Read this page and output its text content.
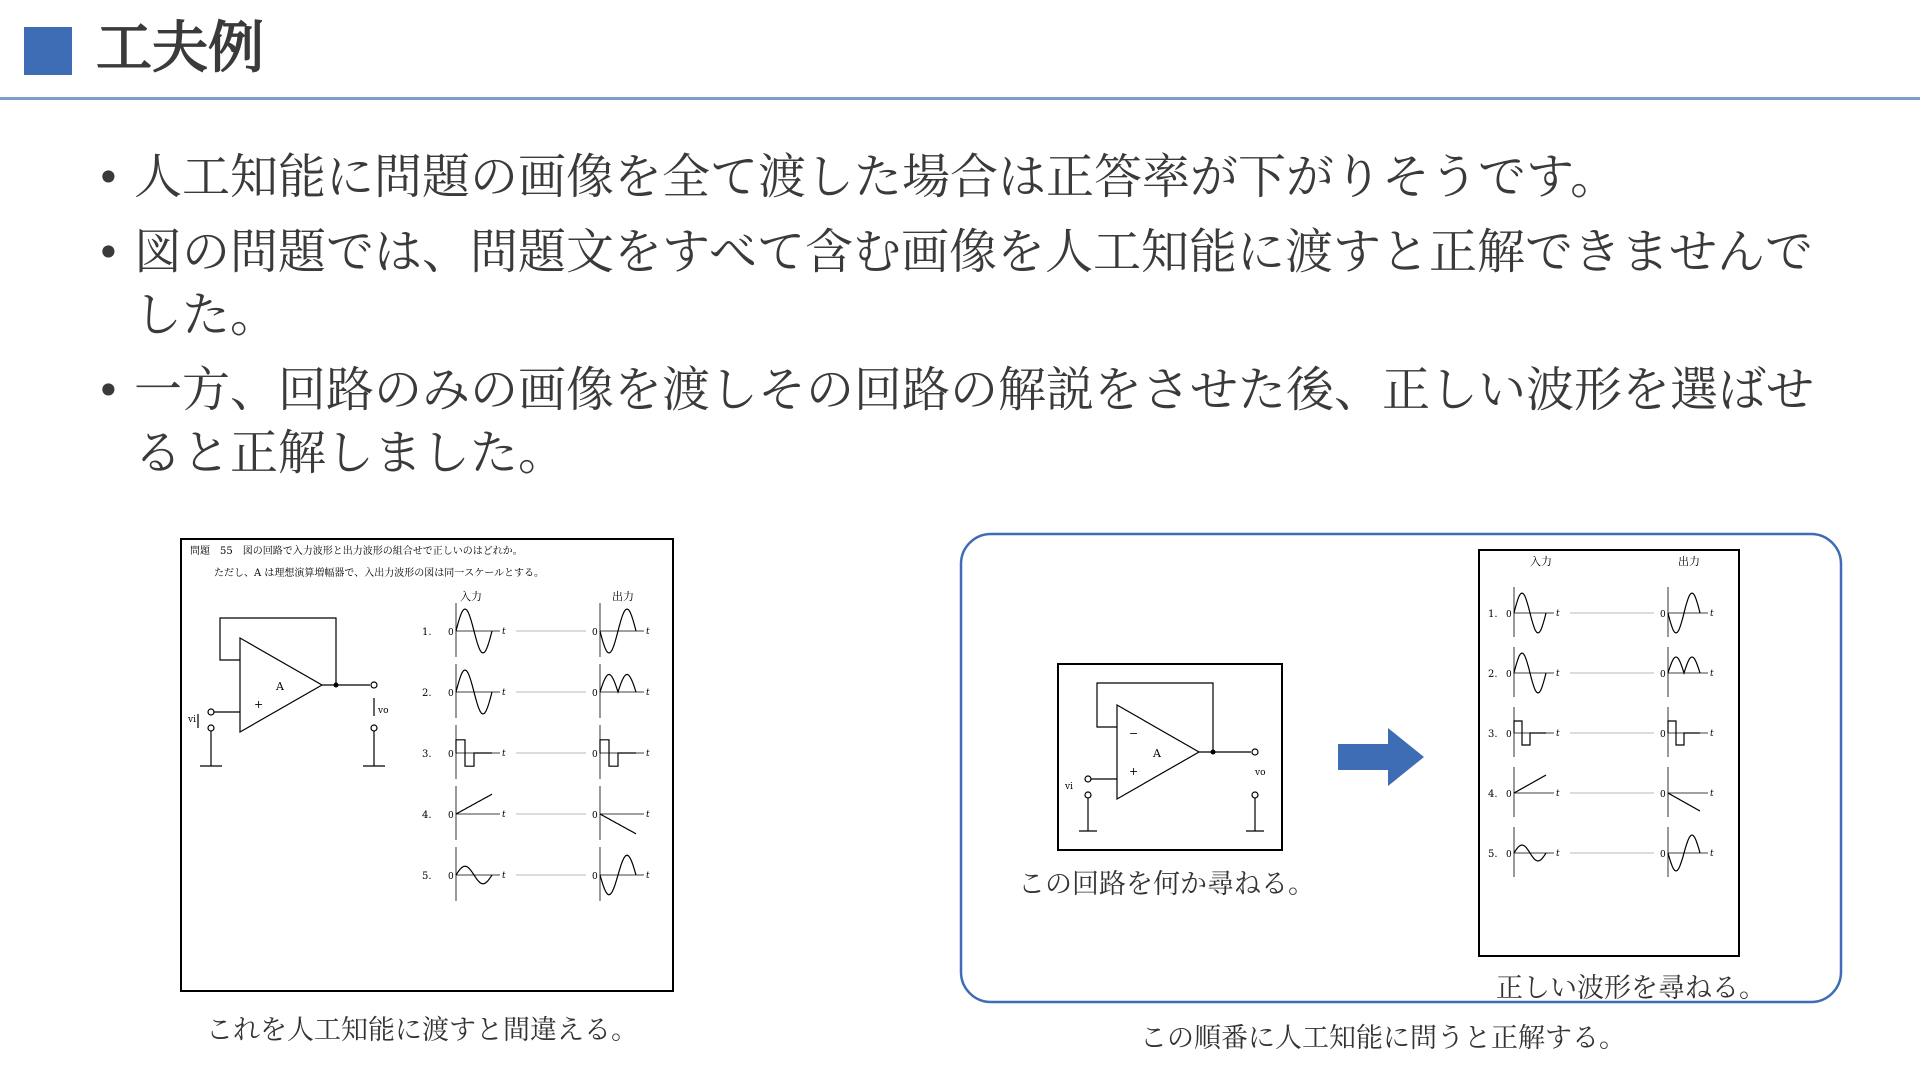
工夫例
• 人工知能に問題の画像を全て渡した場合は正答率が下がりそうです。
• 図の問題では、問題文をすべて含む画像を人工知能に渡すと正解できませんでした。
• 一方、回路のみの画像を渡しその回路の解説をさせた後、正しい波形を選ばせると正解しました。
問題　55　図の回路で入力波形と出力波形の組合せで正しいのはどれか。
ただし、A は理想演算増幅器で、入出力波形の図は同一スケールとする。
入力	出力
A
+
vi
vo
1. 0	t	0	t
2. 0	t	0	t
3. 0	t	0	t
4. 0	t	0	t
5. 0	t	0	t
これを人工知能に渡すと間違える。
A
−
+
vi
vo
この回路を何か尋ねる。
入力	出力
1. 0	t	0	t
2. 0	t	0	t
3. 0	t	0	t
4. 0	t	0	t
5. 0	t	0	t
正しい波形を尋ねる。
この順番に人工知能に問うと正解する。
